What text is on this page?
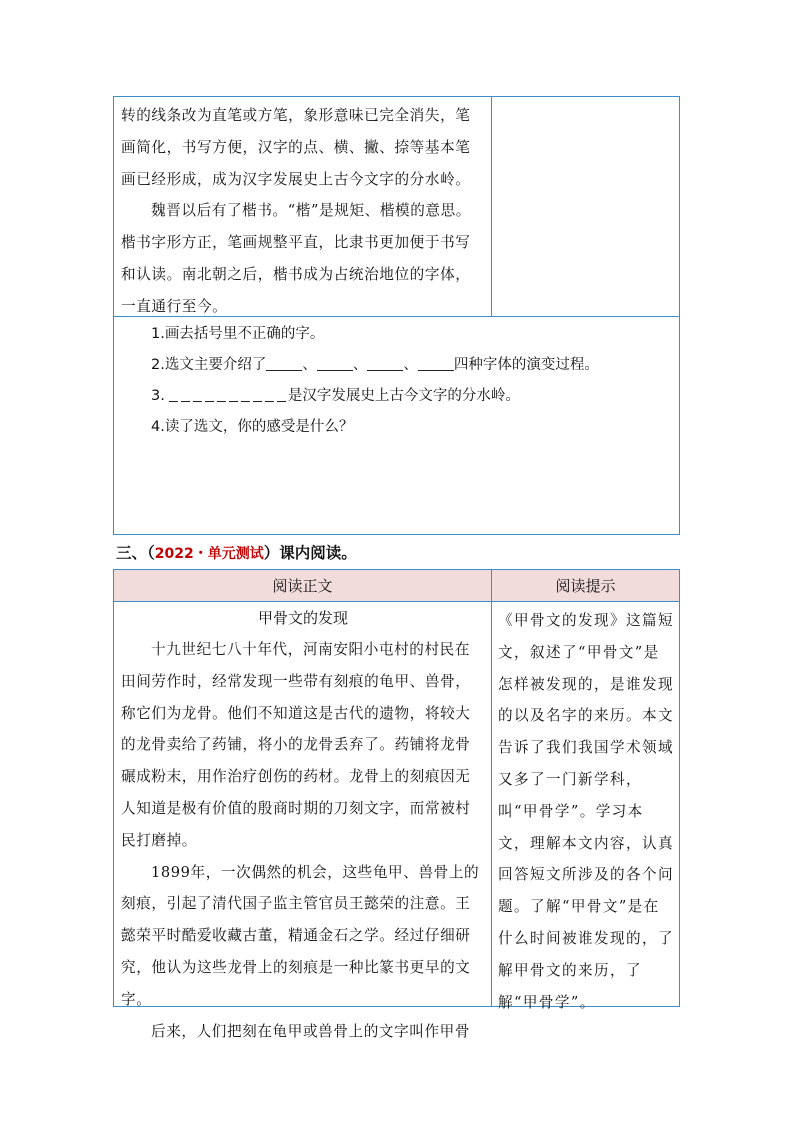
转的线条改为直笔或方笔，象形意味已完全消失，笔画简化，书写方便，汉字的点、横、撇、捺等基本笔画已经形成，成为汉字发展史上古今文字的分水岭。

魏晋以后有了楷书。“楷”是规矩、楷模的意思。楷书字形方正，笔画规整平直，比隶书更加便于书写和认读。南北朝之后，楷书成为占统治地位的字体，一直通行至今。

1.画去括号里不正确的字。

2.选文主要介绍了 、 、 、 四种字体的演变过程。

3.	是汉字发展史上古今文字的分水岭。

4.读了选文，你的感受是什么？

三、（2022・单元测试）课内阅读。
阅读正文	阅读提示

甲骨文的发现

十九世纪七八十年代，河南安阳小屯村的村民在田间劳作时，经常发现一些带有刻痕的龟甲、兽骨，称它们为龙骨。他们不知道这是古代的遗物，将较大的龙骨卖给了药铺，将小的龙骨丢弃了。药铺将龙骨碾成粉末，用作治疗创伤的药材。龙骨上的刻痕因无人知道是极有价值的殷商时期的刀刻文字，而常被村民打磨掉。

1899年，一次偶然的机会，这些龟甲、兽骨上的刻痕，引起了清代国子监主管官员王懿荣的注意。王懿荣平时酷爱收藏古董，精通金石之学。经过仔细研究，他认为这些龙骨上的刻痕是一种比篆书更早的文字。

后来，人们把刻在龟甲或兽骨上的文字叫作甲骨

《甲骨文的发现》这篇短文，叙述了“甲骨文”是怎样被发现的，是谁发现的以及名字的来历。本文告诉了我们我国学术领域又多了一门新学科，叫“甲骨学”。学习本文，理解本文内容，认真回答短文所涉及的各个问题。了解“甲骨文”是在什么时间被谁发现的，了解甲骨文的来历，了解“甲骨学”。
